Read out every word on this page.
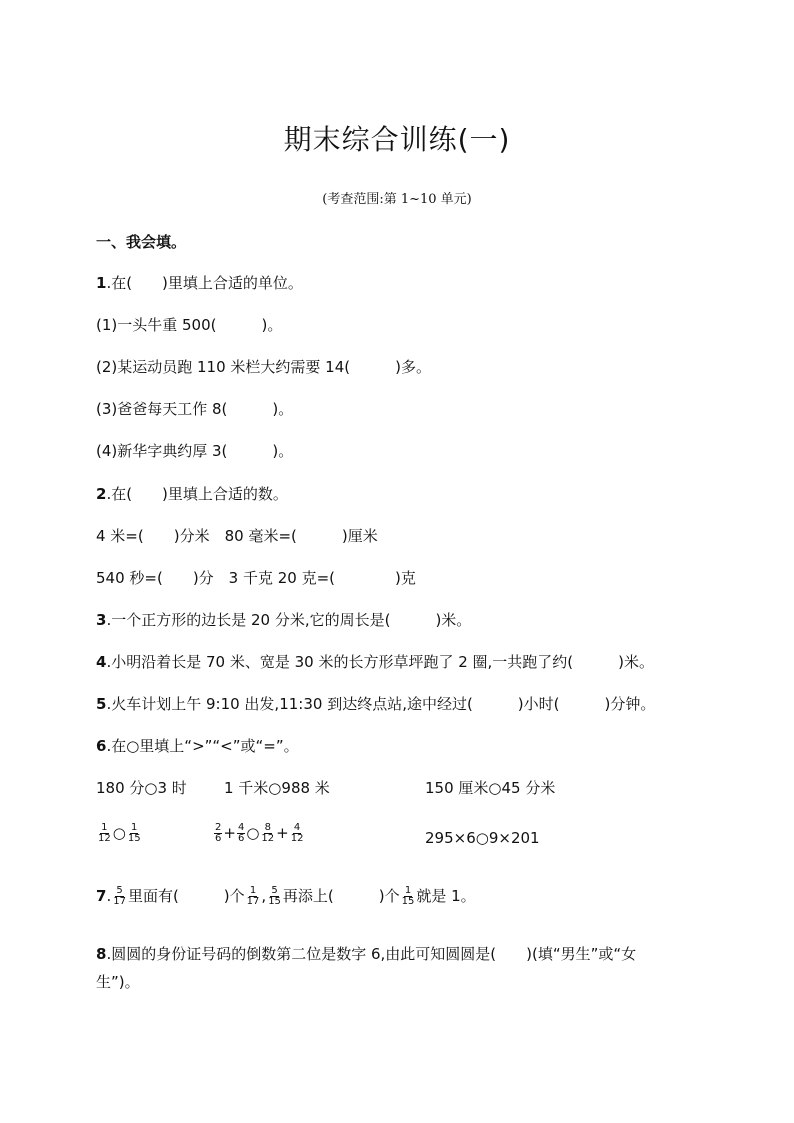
期末综合训练(一)
(考查范围:第 1~10 单元)
一、我会填。
1.在(　　)里填上合适的单位。
(1)一头牛重 500(　　　)。
(2)某运动员跑 110 米栏大约需要 14(　　　)多。
(3)爸爸每天工作 8(　　　)。
(4)新华字典约厚 3(　　　)。
2.在(　　)里填上合适的数。
4 米=(　　)分米　80 毫米=(　　　)厘米
540 秒=(　　)分　3 千克 20 克=(　　　　)克
3.一个正方形的边长是 20 分米,它的周长是(　　　)米。
4.小明沿着长是 70 米、宽是 30 米的长方形草坪跑了 2 圈,一共跑了约(　　　)米。
5.火车计划上午 9:10 出发,11:30 到达终点站,途中经过(　　　)小时(　　　)分钟。
6.在○里填上“>”“<”或“=”。
180 分○3 时 1 千米○988 米	150 厘米○45 分米
$\frac{1}{12}$ ○ $\frac{1}{15}$	$\frac{2}{6} + \frac{4}{6}$ ○ $\frac{8}{12} + \frac{4}{12}$	295×6○9×201
7. $\frac{5}{17}$ 里面有(　　　)个 $\frac{1}{17}$ , $\frac{5}{15}$ 再添上(　　　)个 $\frac{1}{15}$ 就是 1。
8.圆圆的身份证号码的倒数第二位是数字 6,由此可知圆圆是(　　)(填“男生”或“女
生”)。
